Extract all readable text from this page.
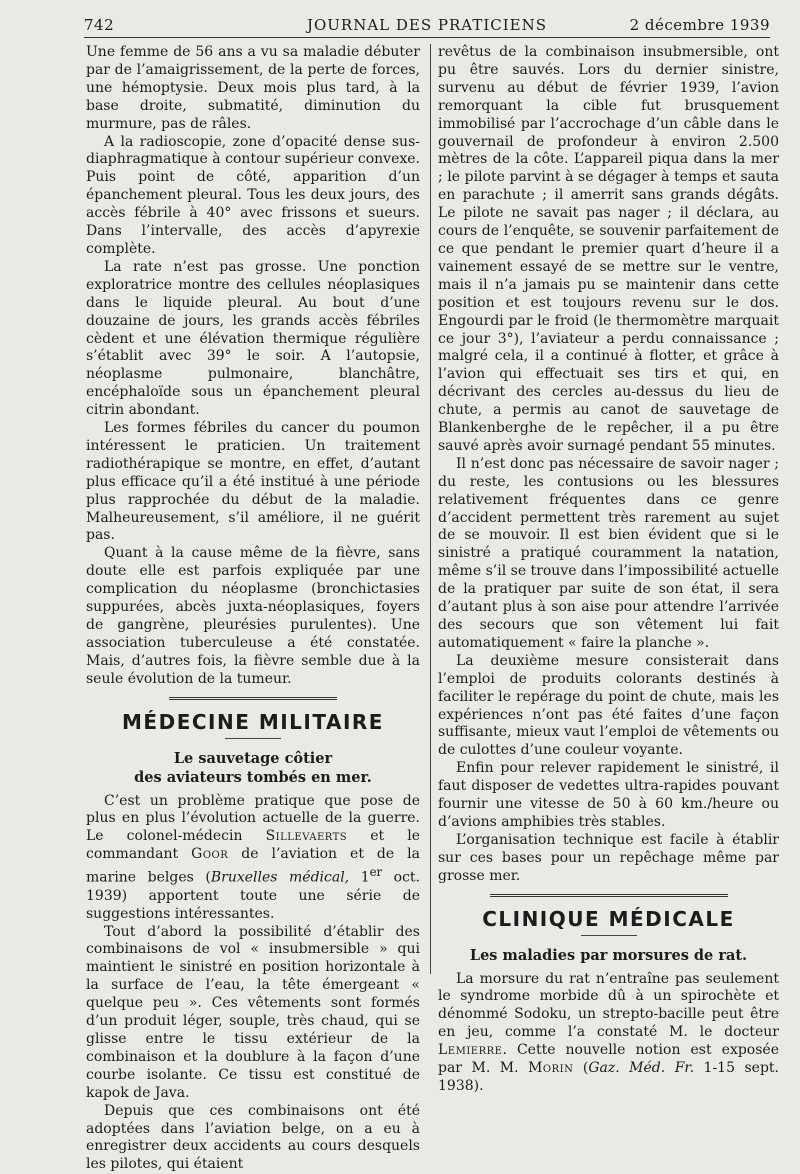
742	JOURNAL DES PRATICIENS	2 décembre 1939

Une femme de 56 ans a vu sa maladie débuter par de l’amaigrissement, de la perte de forces, une hémoptysie. Deux mois plus tard, à la base droite, submatité, diminution du murmure, pas de râles.

A la radioscopie, zone d’opacité dense sus-diaphragmatique à contour supérieur convexe. Puis point de côté, apparition d’un épanchement pleural. Tous les deux jours, des accès fébrile à 40° avec frissons et sueurs. Dans l’intervalle, des accès d’apyrexie complète.

La rate n’est pas grosse. Une ponction exploratrice montre des cellules néoplasiques dans le liquide pleural. Au bout d’une douzaine de jours, les grands accès fébriles cèdent et une élévation thermique régulière s’établit avec 39° le soir. A l’autopsie, néoplasme pulmonaire, blanchâtre, encéphaloïde sous un épanchement pleural citrin abondant.

Les formes fébriles du cancer du poumon intéressent le praticien. Un traitement radiothérapique se montre, en effet, d’autant plus efficace qu’il a été institué à une période plus rapprochée du début de la maladie. Malheureusement, s’il améliore, il ne guérit pas.

Quant à la cause même de la fièvre, sans doute elle est parfois expliquée par une complication du néoplasme (bronchictasies suppurées, abcès juxta-néoplasiques, foyers de gangrène, pleurésies purulentes). Une association tuberculeuse a été constatée. Mais, d’autres fois, la fièvre semble due à la seule évolution de la tumeur.

MÉDECINE MILITAIRE
Le sauvetage côtier
des aviateurs tombés en mer.

C’est un problème pratique que pose de plus en plus l’évolution actuelle de la guerre. Le colonel-médecin Sillevaerts et le commandant Goor de l’aviation et de la marine belges (Bruxelles médical, 1er oct. 1939) apportent toute une série de suggestions intéressantes.

Tout d’abord la possibilité d’établir des combinaisons de vol « insubmersible » qui maintient le sinistré en position horizontale à la surface de l’eau, la tête émergeant « quelque peu ». Ces vêtements sont formés d’un produit léger, souple, très chaud, qui se glisse entre le tissu extérieur de la combinaison et la doublure à la façon d’une courbe isolante. Ce tissu est constitué de kapok de Java.

Depuis que ces combinaisons ont été adoptées dans l’aviation belge, on a eu à enregistrer deux accidents au cours desquels les pilotes, qui étaient

revêtus de la combinaison insubmersible, ont pu être sauvés. Lors du dernier sinistre, survenu au début de février 1939, l’avion remorquant la cible fut brusquement immobilisé par l’accrochage d’un câble dans le gouvernail de profondeur à environ 2.500 mètres de la côte. L’appareil piqua dans la mer ; le pilote parvint à se dégager à temps et sauta en parachute ; il amerrit sans grands dégâts. Le pilote ne savait pas nager ; il déclara, au cours de l’enquête, se souvenir parfaitement de ce que pendant le premier quart d’heure il a vainement essayé de se mettre sur le ventre, mais il n’a jamais pu se maintenir dans cette position et est toujours revenu sur le dos. Engourdi par le froid (le thermomètre marquait ce jour 3°), l’aviateur a perdu connaissance ; malgré cela, il a continué à flotter, et grâce à l’avion qui effectuait ses tirs et qui, en décrivant des cercles au-dessus du lieu de chute, a permis au canot de sauvetage de Blankenberghe de le repêcher, il a pu être sauvé après avoir surnagé pendant 55 minutes.

Il n’est donc pas nécessaire de savoir nager ; du reste, les contusions ou les blessures relativement fréquentes dans ce genre d’accident permettent très rarement au sujet de se mouvoir. Il est bien évident que si le sinistré a pratiqué couramment la natation, même s’il se trouve dans l’impossibilité actuelle de la pratiquer par suite de son état, il sera d’autant plus à son aise pour attendre l’arrivée des secours que son vêtement lui fait automatiquement « faire la planche ».

La deuxième mesure consisterait dans l’emploi de produits colorants destinés à faciliter le repérage du point de chute, mais les expériences n’ont pas été faites d’une façon suffisante, mieux vaut l’emploi de vêtements ou de culottes d’une couleur voyante.

Enfin pour relever rapidement le sinistré, il faut disposer de vedettes ultra-rapides pouvant fournir une vitesse de 50 à 60 km./heure ou d’avions amphibies très stables.

L’organisation technique est facile à établir sur ces bases pour un repêchage même par grosse mer.

CLINIQUE MÉDICALE
Les maladies par morsures de rat.

La morsure du rat n’entraîne pas seulement le syndrome morbide dû à un spirochète et dénommé Sodoku, un strepto-bacille peut être en jeu, comme l’a constaté M. le docteur Lemierre. Cette nouvelle notion est exposée par M. M. Morin (Gaz. Méd. Fr. 1-15 sept. 1938).
